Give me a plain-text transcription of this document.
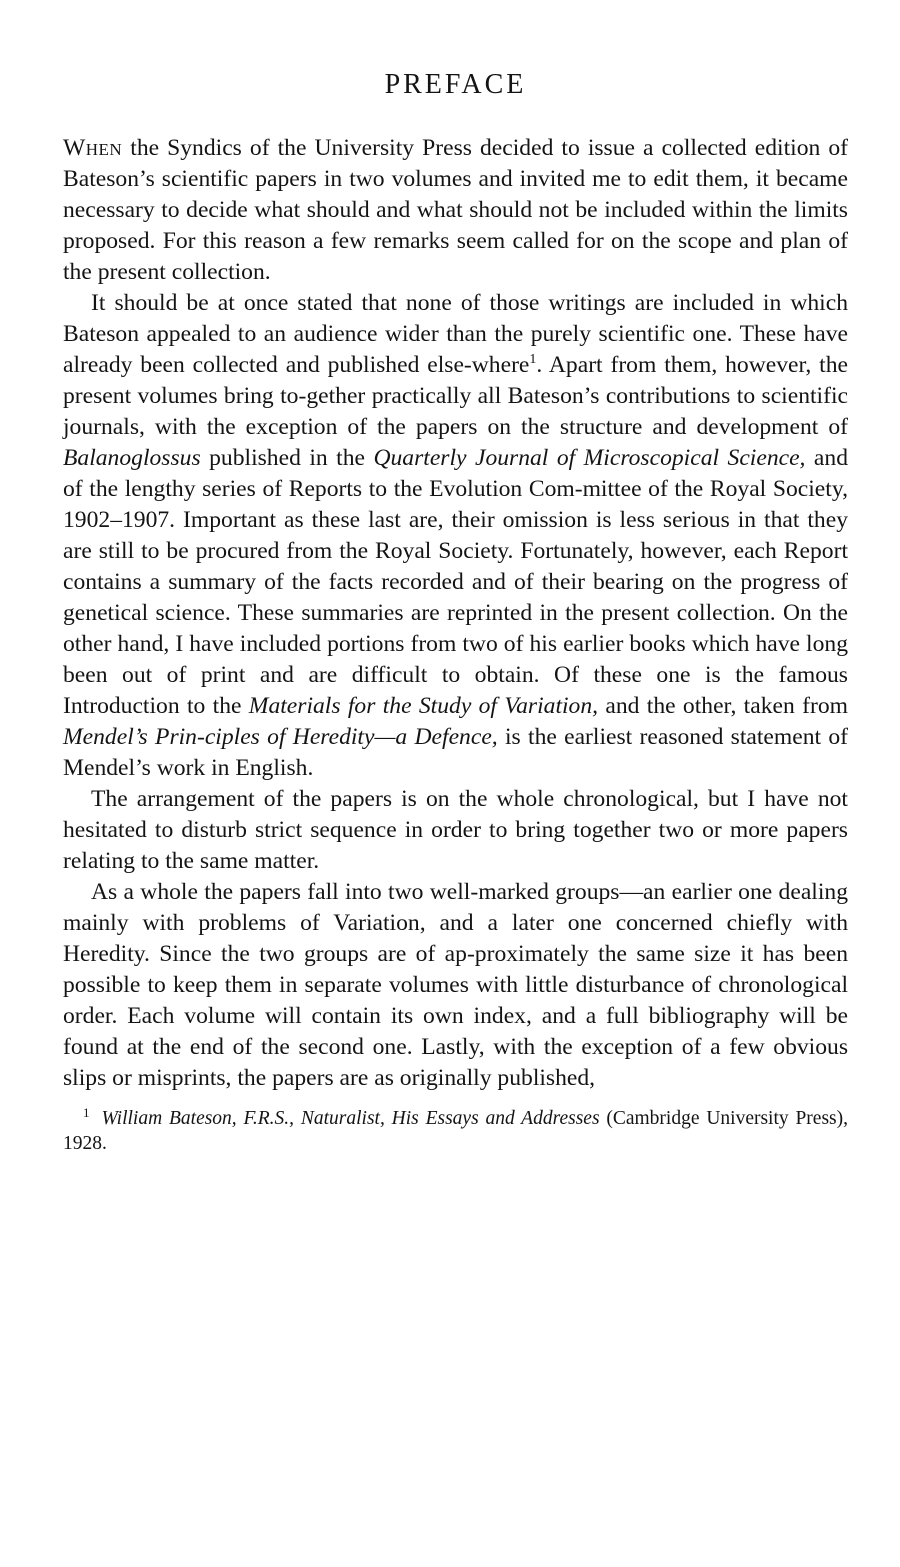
PREFACE

When the Syndics of the University Press decided to issue a collected edition of Bateson’s scientific papers in two volumes and invited me to edit them, it became necessary to decide what should and what should not be included within the limits proposed. For this reason a few remarks seem called for on the scope and plan of the present collection.

It should be at once stated that none of those writings are included in which Bateson appealed to an audience wider than the purely scientific one. These have already been collected and published else-where$^1$. Apart from them, however, the present volumes bring to-gether practically all Bateson’s contributions to scientific journals, with the exception of the papers on the structure and development of Balanoglossus published in the Quarterly Journal of Microscopical Science, and of the lengthy series of Reports to the Evolution Com-mittee of the Royal Society, 1902–1907. Important as these last are, their omission is less serious in that they are still to be procured from the Royal Society. Fortunately, however, each Report contains a summary of the facts recorded and of their bearing on the progress of genetical science. These summaries are reprinted in the present collection. On the other hand, I have included portions from two of his earlier books which have long been out of print and are difficult to obtain. Of these one is the famous Introduction to the Materials for the Study of Variation, and the other, taken from Mendel’s Prin-ciples of Heredity—a Defence, is the earliest reasoned statement of Mendel’s work in English.

The arrangement of the papers is on the whole chronological, but I have not hesitated to disturb strict sequence in order to bring together two or more papers relating to the same matter.

As a whole the papers fall into two well-marked groups—an earlier one dealing mainly with problems of Variation, and a later one concerned chiefly with Heredity. Since the two groups are of ap-proximately the same size it has been possible to keep them in separate volumes with little disturbance of chronological order. Each volume will contain its own index, and a full bibliography will be found at the end of the second one. Lastly, with the exception of a few obvious slips or misprints, the papers are as originally published,

$^1$ William Bateson, F.R.S., Naturalist, His Essays and Addresses (Cambridge University Press), 1928.
